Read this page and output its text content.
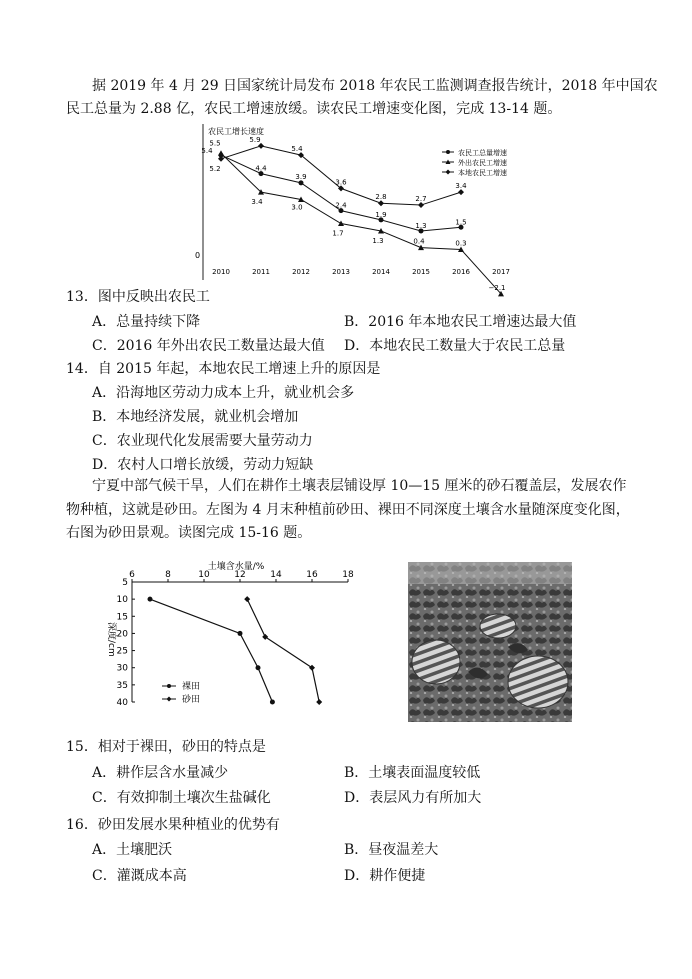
据 2019 年 4 月 29 日国家统计局发布 2018 年农民工监测调查报告统计，2018 年中国农
民工总量为 2.88 亿，农民工增速放缓。读农民工增速变化图，完成 13-14 题。
农民工增长速度
0
5.4
4.4
3.9
2.4
1.9
1.3	1.5
5.5
3.4
3.0
1.7
1.3	0.4	0.3
−2.1
5.2
5.9
5.4
3.6
2.8	2.7
3.4
2010	2011	2012	2013	2014	2015	2016	2017
农民工总量增速
外出农民工增速
本地农民工增速
13．图中反映出农民工
A．总量持续下降	B．2016 年本地农民工增速达最大值
C．2016 年外出农民工数量达最大值 D．本地农民工数量大于农民工总量
14．自 2015 年起，本地农民工增速上升的原因是
A．沿海地区劳动力成本上升，就业机会多
B．本地经济发展，就业机会增加
C．农业现代化发展需要大量劳动力
D．农村人口增长放缓，劳动力短缺
宁夏中部气候干旱，人们在耕作土壤表层铺设厚 10—15 厘米的砂石覆盖层，发展农作
物种植，这就是砂田。左图为 4 月末种植前砂田、裸田不同深度土壤含水量随深度变化图，
右图为砂田景观。读图完成 15-16 题。
土壤含水量/%
深度/cm
6	8	10	12	14	16	18
5
10
15
20
25
30
35
40
裸田
砂田
15．相对于裸田，砂田的特点是
A．耕作层含水量减少	B．土壤表面温度较低
C．有效抑制土壤次生盐碱化	D．表层风力有所加大
16．砂田发展水果种植业的优势有
A．土壤肥沃	B．昼夜温差大
C．灌溉成本高	D．耕作便捷
